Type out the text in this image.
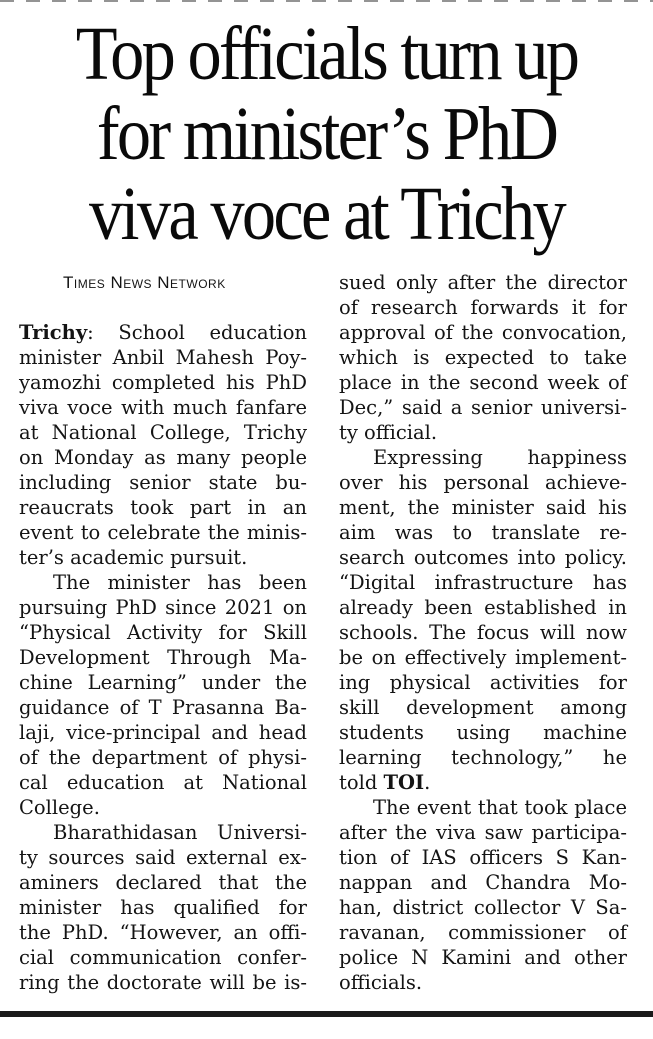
Top officials turn up
for minister’s PhD
viva voce at Trichy
Times News Network
Trichy: School education
minister Anbil Mahesh Poy-
yamozhi completed his PhD
viva voce with much fanfare
at National College, Trichy
on Monday as many people
including senior state bu-
reaucrats took part in an
event to celebrate the minis-
ter’s academic pursuit.
The minister has been
pursuing PhD since 2021 on
“Physical Activity for Skill
Development Through Ma-
chine Learning” under the
guidance of T Prasanna Ba-
laji, vice-principal and head
of the department of physi-
cal education at National
College.
Bharathidasan Universi-
ty sources said external ex-
aminers declared that the
minister has qualified for
the PhD. “However, an offi-
cial communication confer-
ring the doctorate will be is-
sued only after the director
of research forwards it for
approval of the convocation,
which is expected to take
place in the second week of
Dec,” said a senior universi-
ty official.
Expressing happiness
over his personal achieve-
ment, the minister said his
aim was to translate re-
search outcomes into policy.
“Digital infrastructure has
already been established in
schools. The focus will now
be on effectively implement-
ing physical activities for
skill development among
students using machine
learning technology,” he
told TOI.
The event that took place
after the viva saw participa-
tion of IAS officers S Kan-
nappan and Chandra Mo-
han, district collector V Sa-
ravanan, commissioner of
police N Kamini and other
officials.
